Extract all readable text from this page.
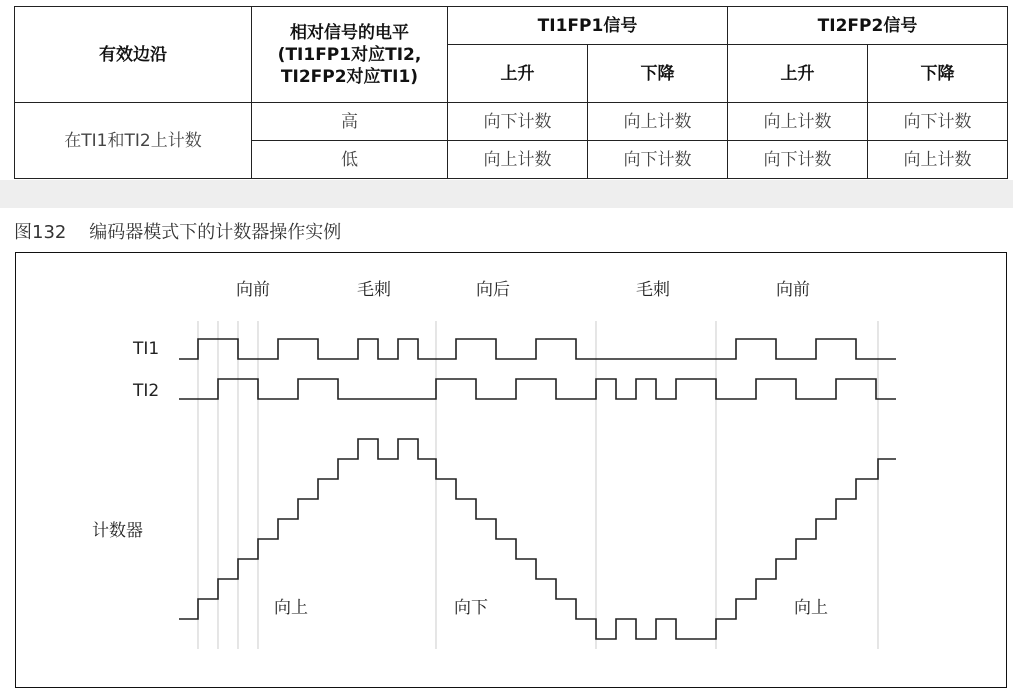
有效边沿	相对信号的电平
(TI1FP1对应TI2,
TI2FP2对应TI1)	TI1FP1信号		TI2FP2信号	
		上升	下降	上升	下降
在TI1和TI2上计数	高	向下计数	向上计数	向上计数	向下计数
	低	向上计数	向下计数	向下计数	向上计数
图132    编码器模式下的计数器操作实例
向前	毛刺	向后	毛刺	向前
TI1
TI2
计数器
向上	向下	向上
